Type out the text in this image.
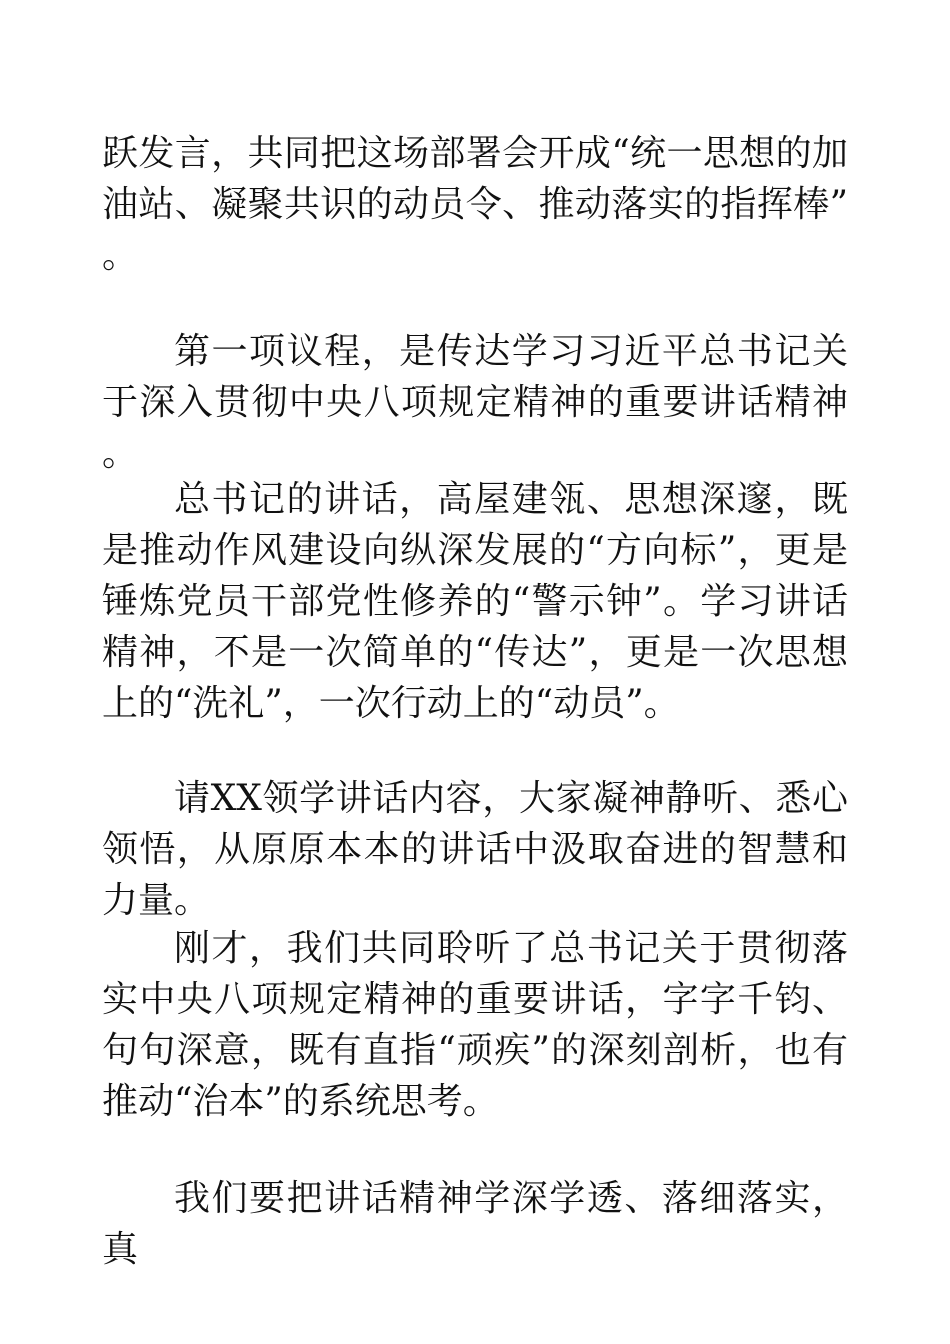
跃发言，共同把这场部署会开成“统一思想的加油站、凝聚共识的动员令、推动落实的指挥棒”。

第一项议程，是传达学习习近平总书记关于深入贯彻中央八项规定精神的重要讲话精神。

总书记的讲话，高屋建瓴、思想深邃，既是推动作风建设向纵深发展的“方向标”，更是锤炼党员干部党性修养的“警示钟”。学习讲话精神，不是一次简单的“传达”，更是一次思想上的“洗礼”，一次行动上的“动员”。

请XX领学讲话内容，大家凝神静听、悉心领悟，从原原本本的讲话中汲取奋进的智慧和力量。

刚才，我们共同聆听了总书记关于贯彻落实中央八项规定精神的重要讲话，字字千钧、句句深意，既有直指“顽疾”的深刻剖析，也有推动“治本”的系统思考。

我们要把讲话精神学深学透、落细落实，真
